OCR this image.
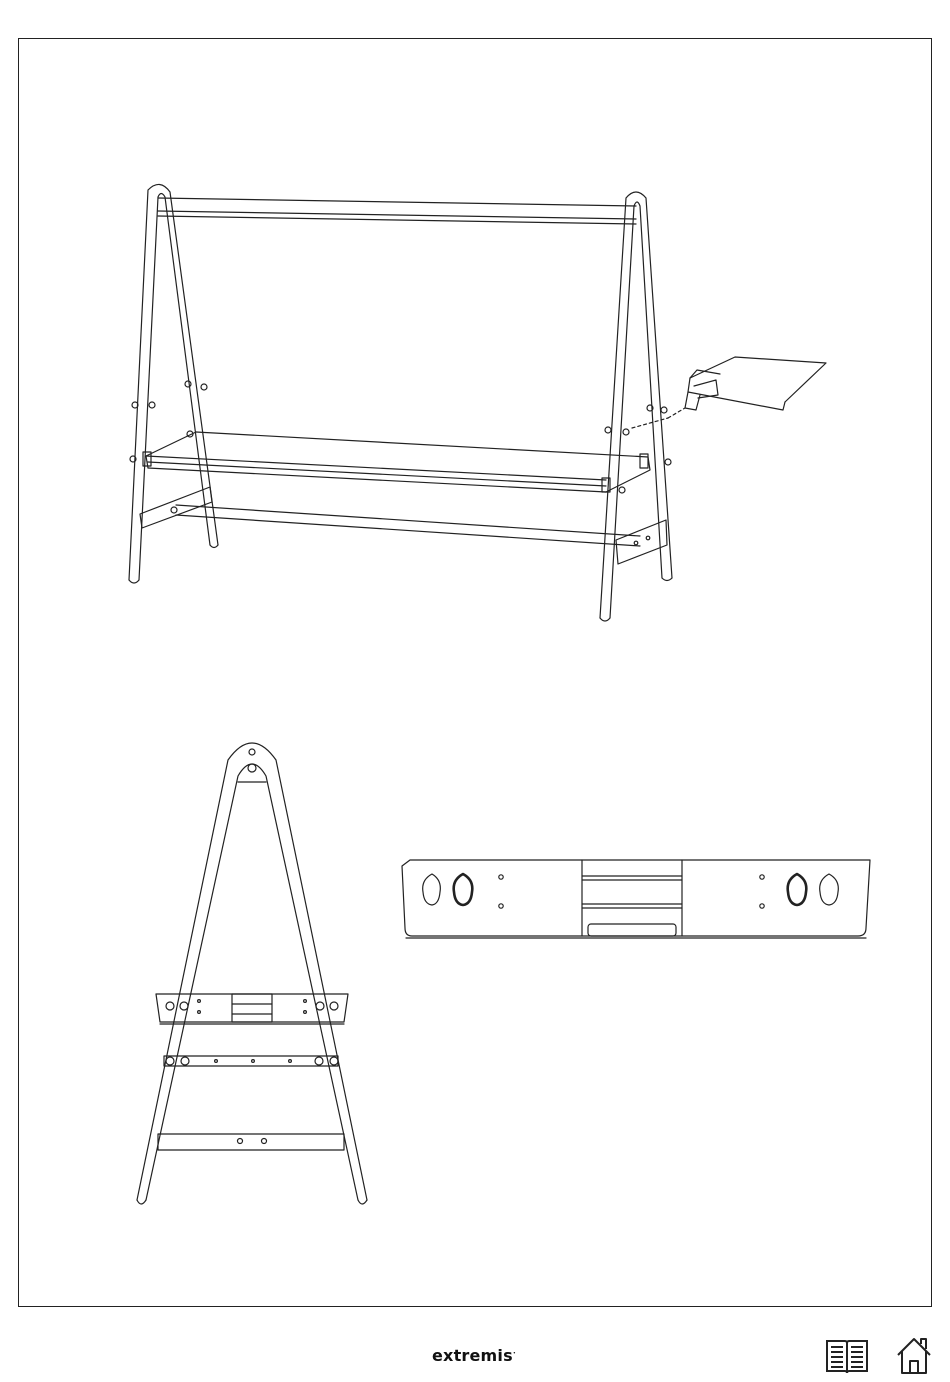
extremis•
